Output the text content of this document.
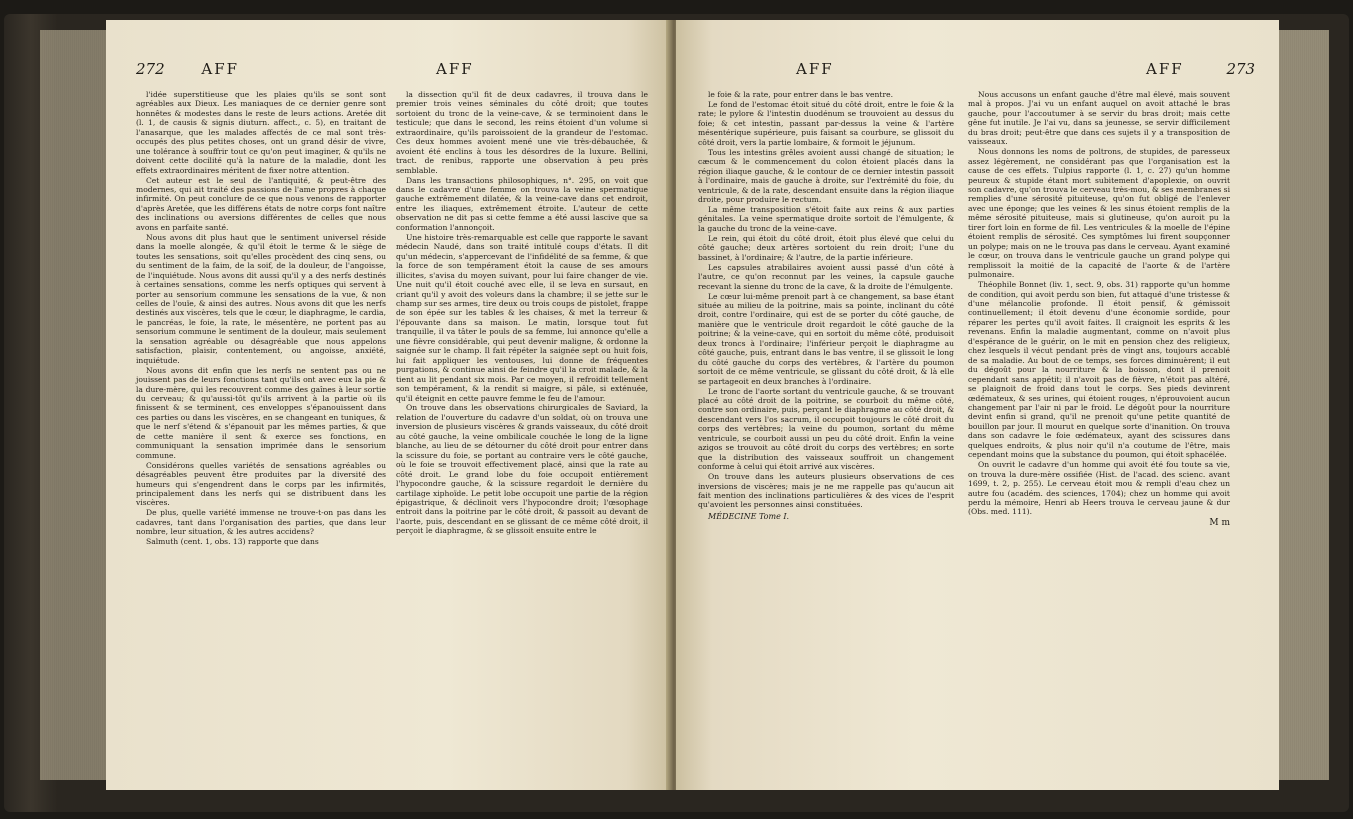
272 AFF	AFF

l'idée superstitieuse que les plaies qu'ils se sont sont agréables aux Dieux. Les maniaques de ce dernier genre sont honnêtes & modestes dans le reste de leurs actions. Aretée dit (l. 1, de causis & signis diuturn. affect., c. 5), en traitant de l'anasarque, que les malades affectés de ce mal sont très-occupés des plus petites choses, ont un grand désir de vivre, une tolérance à souffrir tout ce qu'on peut imaginer, & qu'ils ne doivent cette docilité qu'à la nature de la maladie, dont les effets extraordinaires méritent de fixer notre attention.

Cet auteur est le seul de l'antiquité, & peut-être des modernes, qui ait traité des passions de l'ame propres à chaque infirmité. On peut conclure de ce que nous venons de rapporter d'après Aretée, que les différens états de notre corps font naître des inclinations ou aversions différentes de celles que nous avons en parfaite santé.

Nous avons dit plus haut que le sentiment universel réside dans la moelle alongée, & qu'il étoit le terme & le siège de toutes les sensations, soit qu'elles procèdent des cinq sens, ou du sentiment de la faim, de la soif, de la douleur, de l'angoisse, de l'inquiétude. Nous avons dit aussi qu'il y a des nerfs destinés à certaines sensations, comme les nerfs optiques qui servent à porter au sensorium commune les sensations de la vue, & non celles de l'ouïe, & ainsi des autres. Nous avons dit que les nerfs destinés aux viscères, tels que le cœur, le diaphragme, le cardia, le pancréas, le foie, la rate, le mésentère, ne portent pas au sensorium commune le sentiment de la douleur, mais seulement la sensation agréable ou désagréable que nous appelons satisfaction, plaisir, contentement, ou angoisse, anxiété, inquiétude.

Nous avons dit enfin que les nerfs ne sentent pas ou ne jouissent pas de leurs fonctions tant qu'ils ont avec eux la pie & la dure-mère, qui les recouvrent comme des gaînes à leur sortie du cerveau; & qu'aussi-tôt qu'ils arrivent à la partie où ils finissent & se terminent, ces enveloppes s'épanouissent dans ces parties ou dans les viscères, en se changeant en tuniques, & que le nerf s'étend & s'épanouit par les mêmes parties, & que de cette manière il sent & exerce ses fonctions, en communiquant la sensation imprimée dans le sensorium commune.

Considérons quelles variétés de sensations agréables ou désagréables peuvent être produites par la diversité des humeurs qui s'engendrent dans le corps par les infirmités, principalement dans les nerfs qui se distribuent dans les viscères.

De plus, quelle variété immense ne trouve-t-on pas dans les cadavres, tant dans l'organisation des parties, que dans leur nombre, leur situation, & les autres accidens?

Salmuth (cent. 1, obs. 13) rapporte que dans

la dissection qu'il fit de deux cadavres, il trouva dans le premier trois veines séminales du côté droit; que toutes sortoient du tronc de la veine-cave, & se terminoient dans le testicule; que dans le second, les reins étoient d'un volume si extraordinaire, qu'ils paroissoient de la grandeur de l'estomac. Ces deux hommes avoient mené une vie très-débauchée, & avoient été enclins à tous les désordres de la luxure. Bellini, tract. de renibus, rapporte une observation à peu près semblable.

Dans les transactions philosophiques, n°. 295, on voit que dans le cadavre d'une femme on trouva la veine spermatique gauche extrêmement dilatée, & la veine-cave dans cet endroit, entre les iliaques, extrêmement étroite. L'auteur de cette observation ne dit pas si cette femme a été aussi lascive que sa conformation l'annonçoit.

Une histoire très-remarquable est celle que rapporte le savant médecin Naudé, dans son traité intitulé coups d'états. Il dit qu'un médecin, s'appercevant de l'infidélité de sa femme, & que la force de son tempérament étoit la cause de ses amours illicites, s'avisa du moyen suivant, pour lui faire changer de vie. Une nuit qu'il étoit couché avec elle, il se leva en sursaut, en criant qu'il y avoit des voleurs dans la chambre; il se jette sur le champ sur ses armes, tire deux ou trois coups de pistolet, frappe de son épée sur les tables & les chaises, & met la terreur & l'épouvante dans sa maison. Le matin, lorsque tout fut tranquille, il va tâter le pouls de sa femme, lui annonce qu'elle a une fièvre considérable, qui peut devenir maligne, & ordonne la saignée sur le champ. Il fait répéter la saignée sept ou huit fois, lui fait appliquer les ventouses, lui donne de fréquentes purgations, & continue ainsi de feindre qu'il la croit malade, & la tient au lit pendant six mois. Par ce moyen, il refroidit tellement son tempérament, & la rendit si maigre, si pâle, si exténuée, qu'il éteignit en cette pauvre femme le feu de l'amour.

On trouve dans les observations chirurgicales de Saviard, la relation de l'ouverture du cadavre d'un soldat, où on trouva une inversion de plusieurs viscères & grands vaisseaux, du côté droit au côté gauche, la veine ombilicale couchée le long de la ligne blanche, au lieu de se détourner du côté droit pour entrer dans la scissure du foie, se portant au contraire vers le côté gauche, où le foie se trouvoit effectivement placé, ainsi que la rate au côté droit. Le grand lobe du foie occupoit entièrement l'hypocondre gauche, & la scissure regardoit le dernière du cartilage xiphoïde. Le petit lobe occupoit une partie de la région épigastrique, & déclinoit vers l'hypocondre droit; l'œsophage entroit dans la poitrine par le côté droit, & passoit au devant de l'aorte, puis, descendant en se glissant de ce même côté droit, il perçoit le diaphragme, & se glissoit ensuite entre le

AFF	AFF	273

le foie & la rate, pour entrer dans le bas ventre.

Le fond de l'estomac étoit situé du côté droit, entre le foie & la rate; le pylore & l'intestin duodénum se trouvoient au dessus du foie; & cet intestin, passant par-dessus la veine & l'artère mésentérique supérieure, puis faisant sa courbure, se glissoit du côté droit, vers la partie lombaire, & formoit le jéjunum.

Tous les intestins grêles avoient aussi changé de situation; le cæcum & le commencement du colon étoient placés dans la région iliaque gauche, & le contour de ce dernier intestin passoit à l'ordinaire, mais de gauche à droite, sur l'extrémité du foie, du ventricule, & de la rate, descendant ensuite dans la région iliaque droite, pour produire le rectum.

La même transposition s'étoit faite aux reins & aux parties génitales. La veine spermatique droite sortoit de l'émulgente, & la gauche du tronc de la veine-cave.

Le rein, qui étoit du côté droit, étoit plus élevé que celui du côté gauche; deux artères sortoient du rein droit; l'une du bassinet, à l'ordinaire; & l'autre, de la partie inférieure.

Les capsules atrabilaires avoient aussi passé d'un côté à l'autre, ce qu'on reconnut par les veines, la capsule gauche recevant la sienne du tronc de la cave, & la droite de l'émulgente.

Le cœur lui-même prenoit part à ce changement, sa base étant située au milieu de la poitrine, mais sa pointe, inclinant du côté droit, contre l'ordinaire, qui est de se porter du côté gauche, de manière que le ventricule droit regardoit le côté gauche de la poitrine; & la veine-cave, qui en sortoit du même côté, produisoit deux troncs à l'ordinaire; l'inférieur perçoit le diaphragme au côté gauche, puis, entrant dans le bas ventre, il se glissoit le long du côté gauche du corps des vertèbres, & l'artère du poumon sortoit de ce même ventricule, se glissant du côté droit, & là elle se partageoit en deux branches à l'ordinaire.

Le tronc de l'aorte sortant du ventricule gauche, & se trouvant placé au côté droit de la poitrine, se courboit du même côté, contre son ordinaire, puis, perçant le diaphragme au côté droit, & descendant vers l'os sacrum, il occupoit toujours le côté droit du corps des vertèbres; la veine du poumon, sortant du même ventricule, se courboit aussi un peu du côté droit. Enfin la veine azigos se trouvoit au côté droit du corps des vertèbres; en sorte que la distribution des vaisseaux souffroit un changement conforme à celui qui étoit arrivé aux viscères.

On trouve dans les auteurs plusieurs observations de ces inversions de viscères; mais je ne me rappelle pas qu'aucun ait fait mention des inclinations particulières & des vices de l'esprit qu'avoient les personnes ainsi constituées.

MÉDECINE Tome I.

Nous accusons un enfant gauche d'être mal élevé, mais souvent mal à propos. J'ai vu un enfant auquel on avoit attaché le bras gauche, pour l'accoutumer à se servir du bras droit; mais cette gêne fut inutile. Je l'ai vu, dans sa jeunesse, se servir difficilement du bras droit; peut-être que dans ces sujets il y a transposition de vaisseaux.

Nous donnons les noms de poltrons, de stupides, de paresseux assez légèrement, ne considérant pas que l'organisation est la cause de ces effets. Tulpius rapporte (l. 1, c. 27) qu'un homme peureux & stupide étant mort subitement d'apoplexie, on ouvrit son cadavre, qu'on trouva le cerveau très-mou, & ses membranes si remplies d'une sérosité pituiteuse, qu'on fut obligé de l'enlever avec une éponge; que les veines & les sinus étoient remplis de la même sérosité pituiteuse, mais si glutineuse, qu'on auroit pu la tirer fort loin en forme de fil. Les ventricules & la moelle de l'épine étoient remplis de sérosité. Ces symptômes lui firent soupçonner un polype; mais on ne le trouva pas dans le cerveau. Ayant examiné le cœur, on trouva dans le ventricule gauche un grand polype qui remplissoit la moitié de la capacité de l'aorte & de l'artère pulmonaire.

Théophile Bonnet (liv. 1, sect. 9, obs. 31) rapporte qu'un homme de condition, qui avoit perdu son bien, fut attaqué d'une tristesse & d'une mélancolie profonde. Il étoit pensif, & gémissoit continuellement; il étoit devenu d'une économie sordide, pour réparer les pertes qu'il avoit faites. Il craignoit les esprits & les revenans. Enfin la maladie augmentant, comme on n'avoit plus d'espérance de le guérir, on le mit en pension chez des religieux, chez lesquels il vécut pendant près de vingt ans, toujours accablé de sa maladie. Au bout de ce temps, ses forces diminuèrent; il eut du dégoût pour la nourriture & la boisson, dont il prenoit cependant sans appétit; il n'avoit pas de fièvre, n'étoit pas altéré, se plaignoit de froid dans tout le corps. Ses pieds devinrent œdémateux, & ses urines, qui étoient rouges, n'éprouvoient aucun changement par l'air ni par le froid. Le dégoût pour la nourriture devint enfin si grand, qu'il ne prenoit qu'une petite quantité de bouillon par jour. Il mourut en quelque sorte d'inanition. On trouva dans son cadavre le foie œdémateux, ayant des scissures dans quelques endroits, & plus noir qu'il n'a coutume de l'être, mais cependant moins que la substance du poumon, qui étoit sphacélée.

On ouvrit le cadavre d'un homme qui avoit été fou toute sa vie, on trouva la dure-mère ossifiée (Hist. de l'acad. des scienc. avant 1699, t. 2, p. 255). Le cerveau étoit mou & rempli d'eau chez un autre fou (académ. des sciences, 1704); chez un homme qui avoit perdu la mémoire, Henri ab Heers trouva le cerveau jaune & dur (Obs. med. 111).

M m
